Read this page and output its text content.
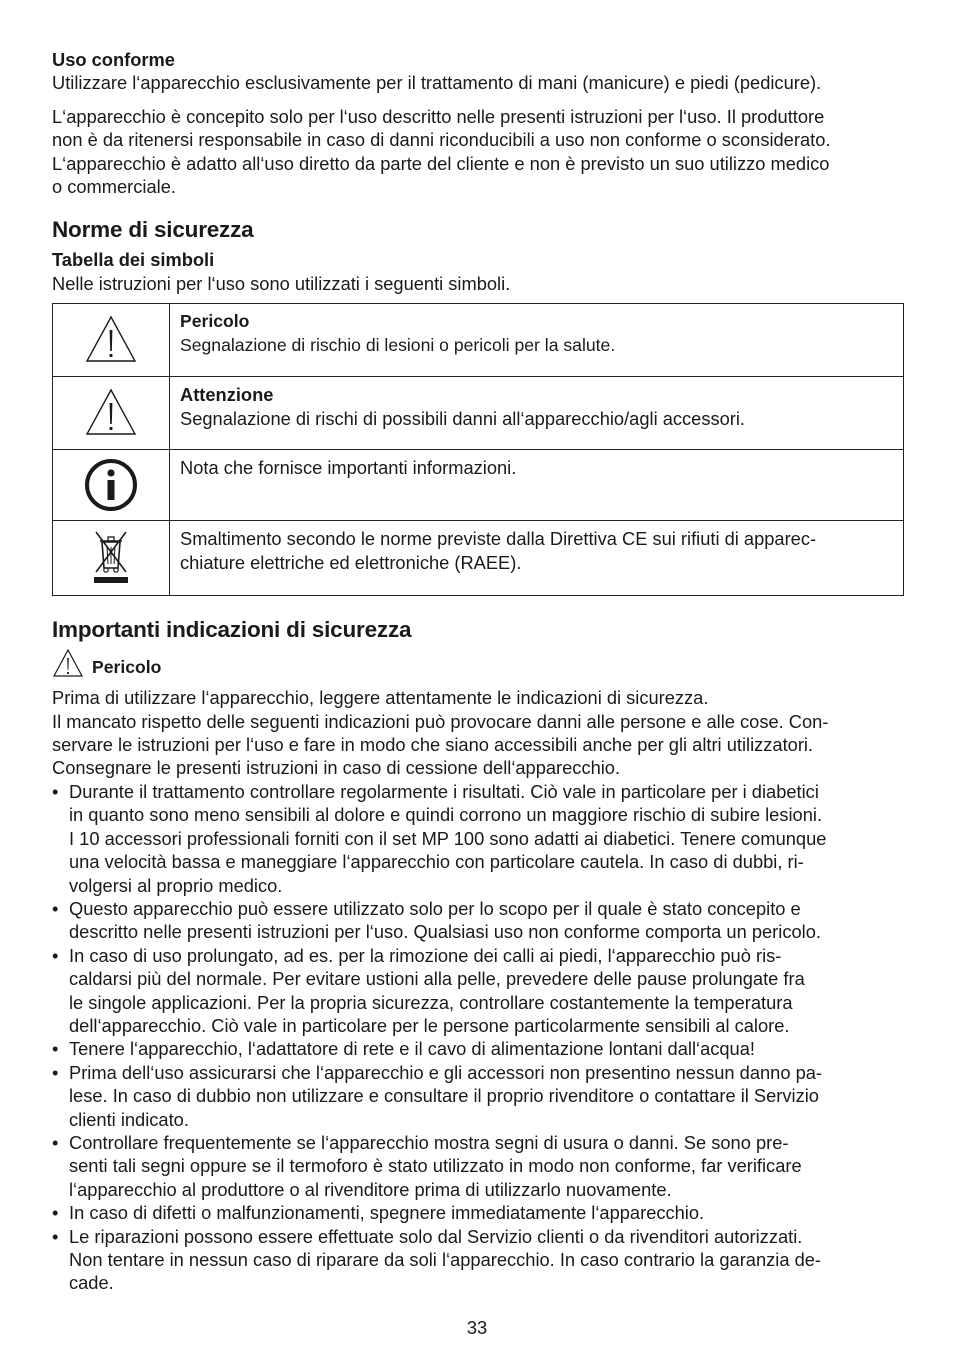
Uso conforme

Utilizzare l‘apparecchio esclusivamente per il trattamento di mani (manicure) e piedi (pedicure).

L‘apparecchio è concepito solo per l‘uso descritto nelle presenti istruzioni per l‘uso. Il produttore

non è da ritenersi responsabile in caso di danni riconducibili a uso non conforme o sconsiderato.

L‘apparecchio è adatto all‘uso diretto da parte del cliente e non è previsto un suo utilizzo medico

o commerciale.

Norme di sicurezza

Tabella dei simboli

Nelle istruzioni per l‘uso sono utilizzati i seguenti simboli.

Pericolo
Segnalazione di rischio di lesioni o pericoli per la salute.

Attenzione
Segnalazione di rischi di possibili danni all‘apparecchio/agli accessori.

Nota che fornisce importanti informazioni.

Smaltimento secondo le norme previste dalla Direttiva CE sui rifiuti di apparec-
chiature elettriche ed elettroniche (RAEE).

Importanti indicazioni di sicurezza

Pericolo

Prima di utilizzare l‘apparecchio, leggere attentamente le indicazioni di sicurezza.

Il mancato rispetto delle seguenti indicazioni può provocare danni alle persone e alle cose. Con-

servare le istruzioni per l‘uso e fare in modo che siano accessibili anche per gli altri utilizzatori.

Consegnare le presenti istruzioni in caso di cessione dell‘apparecchio.

• Durante il trattamento controllare regolarmente i risultati. Ciò vale in particolare per i diabetici
in quanto sono meno sensibili al dolore e quindi corrono un maggiore rischio di subire lesioni.
I 10 accessori professionali forniti con il set MP 100 sono adatti ai diabetici. Tenere comunque
una velocità bassa e maneggiare l‘apparecchio con particolare cautela. In caso di dubbi, ri-
volgersi al proprio medico.
• Questo apparecchio può essere utilizzato solo per lo scopo per il quale è stato concepito e
descritto nelle presenti istruzioni per l‘uso. Qualsiasi uso non conforme comporta un pericolo.
• In caso di uso prolungato, ad es. per la rimozione dei calli ai piedi, l‘apparecchio può ris-
caldarsi più del normale. Per evitare ustioni alla pelle, prevedere delle pause prolungate fra
le singole applicazioni. Per la propria sicurezza, controllare costantemente la temperatura
dell‘apparecchio. Ciò vale in particolare per le persone particolarmente sensibili al calore.
• Tenere l‘apparecchio, l‘adattatore di rete e il cavo di alimentazione lontani dall‘acqua!
• Prima dell‘uso assicurarsi che l‘apparecchio e gli accessori non presentino nessun danno pa-
lese. In caso di dubbio non utilizzare e consultare il proprio rivenditore o contattare il Servizio
clienti indicato.
• Controllare frequentemente se l‘apparecchio mostra segni di usura o danni. Se sono pre-
senti tali segni oppure se il termoforo è stato utilizzato in modo non conforme, far verificare
l‘apparecchio al produttore o al rivenditore prima di utilizzarlo nuovamente.
• In caso di difetti o malfunzionamenti, spegnere immediatamente l‘apparecchio.
• Le riparazioni possono essere effettuate solo dal Servizio clienti o da rivenditori autorizzati.
Non tentare in nessun caso di riparare da soli l‘apparecchio. In caso contrario la garanzia de-
cade.
33
